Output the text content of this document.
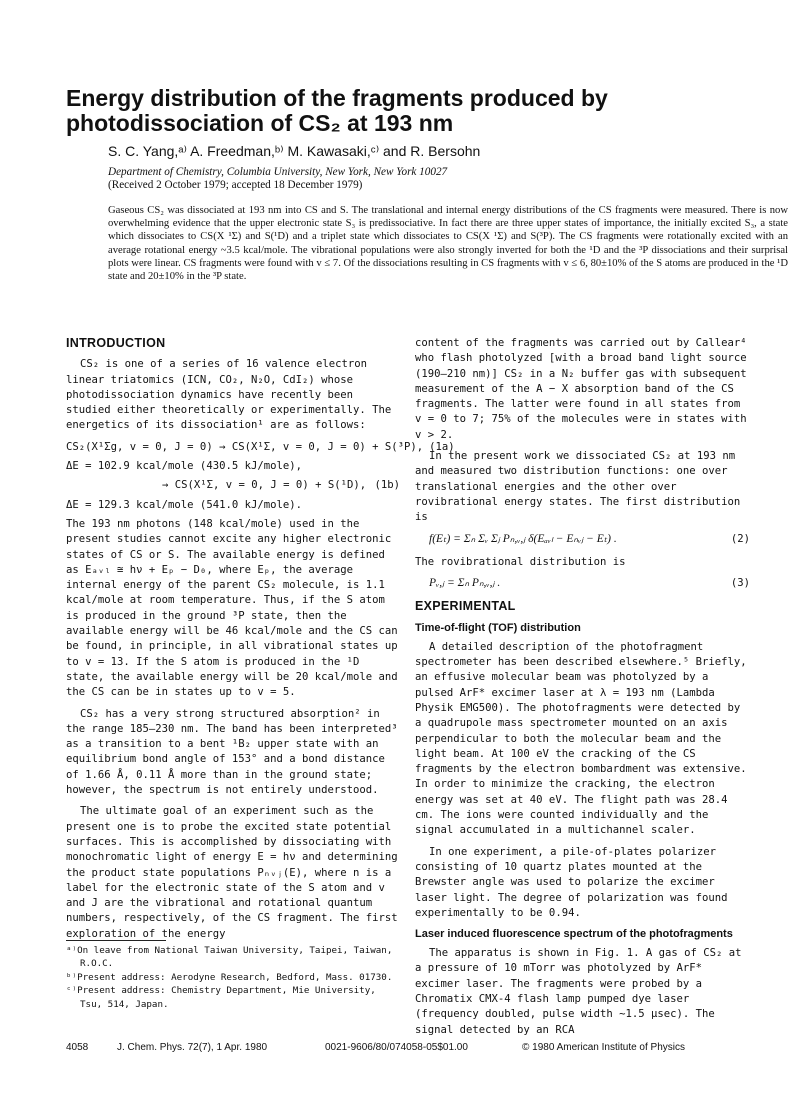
Energy distribution of the fragments produced by photodissociation of CS₂ at 193 nm
S. C. Yang,ᵃ⁾ A. Freedman,ᵇ⁾ M. Kawasaki,ᶜ⁾ and R. Bersohn
Department of Chemistry, Columbia University, New York, New York 10027
(Received 2 October 1979; accepted 18 December 1979)

Gaseous CS₂ was dissociated at 193 nm into CS and S. The translational and internal energy distributions of the CS fragments were measured. There is now overwhelming evidence that the upper electronic state S₃ is predissociative. In fact there are three upper states of importance, the initially excited S₃, a state which dissociates to CS(X ¹Σ) and S(¹D) and a triplet state which dissociates to CS(X ¹Σ) and S(³P). The CS fragments were rotationally excited with an average rotational energy ~3.5 kcal/mole. The vibrational populations were also strongly inverted for both the ¹D and the ³P dissociations and their surprisal plots were linear. CS fragments were found with v ≤ 7. Of the dissociations resulting in CS fragments with v ≤ 6, 80±10% of the S atoms are produced in the ¹D state and 20±10% in the ³P state.

INTRODUCTION

CS₂ is one of a series of 16 valence electron linear triatomics (ICN, CO₂, N₂O, CdI₂) whose photodissociation dynamics have recently been studied either theoretically or experimentally. The energetics of its dissociation¹ are as follows:

CS₂(X¹Σg, v = 0, J = 0) → CS(X¹Σ, v = 0, J = 0) + S(³P), (1a)
ΔE = 102.9 kcal/mole (430.5 kJ/mole),
→ CS(X¹Σ, v = 0, J = 0) + S(¹D), (1b)
ΔE = 129.3 kcal/mole (541.0 kJ/mole).

The 193 nm photons (148 kcal/mole) used in the present studies cannot excite any higher electronic states of CS or S. The available energy is defined as Eₐᵥₗ ≅ hν + Eₚ − D₀, where Eₚ, the average internal energy of the parent CS₂ molecule, is 1.1 kcal/mole at room temperature. Thus, if the S atom is produced in the ground ³P state, then the available energy will be 46 kcal/mole and the CS can be found, in principle, in all vibrational states up to v = 13. If the S atom is produced in the ¹D state, the available energy will be 20 kcal/mole and the CS can be in states up to v = 5.

CS₂ has a very strong structured absorption² in the range 185–230 nm. The band has been interpreted³ as a transition to a bent ¹B₂ upper state with an equilibrium bond angle of 153° and a bond distance of 1.66 Å, 0.11 Å more than in the ground state; however, the spectrum is not entirely understood.

The ultimate goal of an experiment such as the present one is to probe the excited state potential surfaces. This is accomplished by dissociating with monochromatic light of energy E = hν and determining the product state populations Pₙᵥⱼ(E), where n is a label for the electronic state of the S atom and v and J are the vibrational and rotational quantum numbers, respectively, of the CS fragment. The first exploration of the energy

ᵃ⁾On leave from National Taiwan University, Taipei, Taiwan, R.O.C.

ᵇ⁾Present address: Aerodyne Research, Bedford, Mass. 01730.

ᶜ⁾Present address: Chemistry Department, Mie University, Tsu, 514, Japan.

content of the fragments was carried out by Callear⁴ who flash photolyzed [with a broad band light source (190–210 nm)] CS₂ in a N₂ buffer gas with subsequent measurement of the A − X absorption band of the CS fragments. The latter were found in all states from v = 0 to 7; 75% of the molecules were in states with v > 2.

In the present work we dissociated CS₂ at 193 nm and measured two distribution functions: one over translational energies and the other over rovibrational energy states. The first distribution is

f(Eₜ) = Σₙ Σᵥ Σⱼ Pₙ,ᵥ,ⱼ δ(Eₐᵥₗ − Eₙᵥⱼ − Eₜ) .	(2)

The rovibrational distribution is

Pᵥ,ⱼ = Σₙ Pₙ,ᵥ,ⱼ .	(3)
EXPERIMENTAL
Time-of-flight (TOF) distribution

A detailed description of the photofragment spectrometer has been described elsewhere.⁵ Briefly, an effusive molecular beam was photolyzed by a pulsed ArF* excimer laser at λ = 193 nm (Lambda Physik EMG500). The photofragments were detected by a quadrupole mass spectrometer mounted on an axis perpendicular to both the molecular beam and the light beam. At 100 eV the cracking of the CS fragments by the electron bombardment was extensive. In order to minimize the cracking, the electron energy was set at 40 eV. The flight path was 28.4 cm. The ions were counted individually and the signal accumulated in a multichannel scaler.

In one experiment, a pile-of-plates polarizer consisting of 10 quartz plates mounted at the Brewster angle was used to polarize the excimer laser light. The degree of polarization was found experimentally to be 0.94.

Laser induced fluorescence spectrum of the photofragments

The apparatus is shown in Fig. 1. A gas of CS₂ at a pressure of 10 mTorr was photolyzed by ArF* excimer laser. The fragments were probed by a Chromatix CMX-4 flash lamp pumped dye laser (frequency doubled, pulse width ~1.5 μsec). The signal detected by an RCA

4058	J. Chem. Phys. 72(7), 1 Apr. 1980	0021-9606/80/074058-05$01.00	© 1980 American Institute of Physics
